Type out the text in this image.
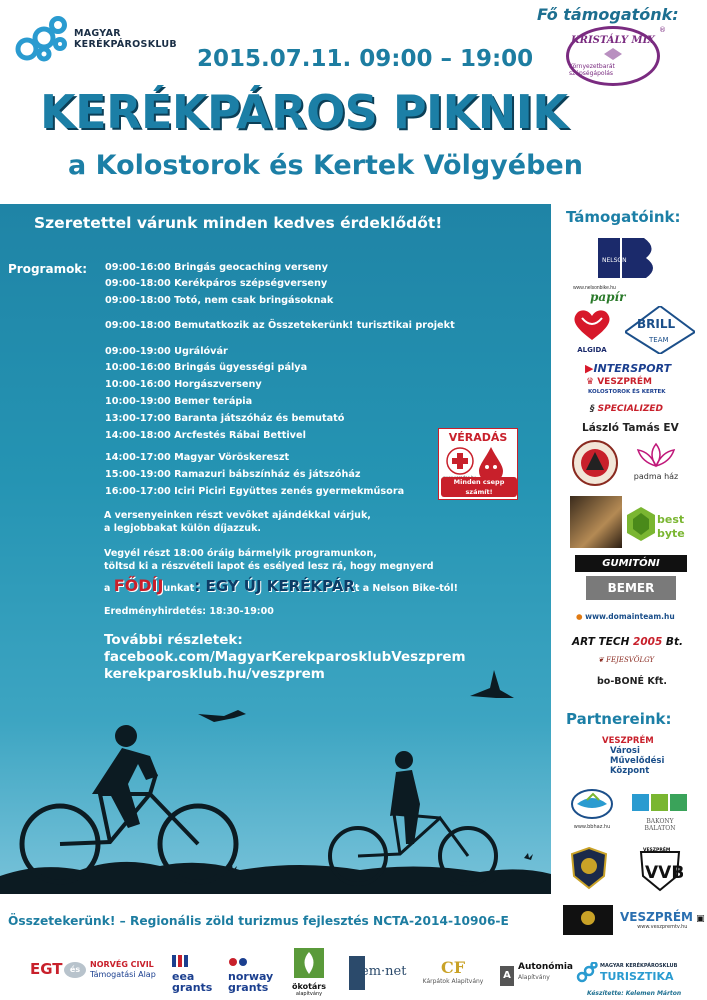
MAGYAR
KERÉKPÁROSKLUB
Fő támogatónk:
KRISTÁLY MIX
Környezetbarát szépségápolás
®
2015.07.11. 09:00 – 19:00
KERÉKPÁROS PIKNIK
a Kolostorok és Kertek Völgyében
Szeretettel várunk minden kedves érdeklődőt!
Programok: 09:00-16:00 Bringás geocaching verseny
09:00-18:00 Kerékpáros szépségverseny
09:00-18:00 Totó, nem csak bringásoknak
09:00-18:00 Bemutatkozik az Összetekerünk! turisztikai projekt
09:00-19:00 Ugrálóvár
10:00-16:00 Bringás ügyességi pálya
10:00-16:00 Horgászverseny
10:00-19:00 Bemer terápia
13:00-17:00 Baranta játszóház és bemutató
14:00-18:00 Arcfestés Rábai Bettivel
14:00-17:00 Magyar Vöröskereszt
15:00-19:00 Ramazuri bábszínház és játszóház
16:00-17:00 Iciri Piciri Együttes zenés gyermekműsora
VÉRADÁS
Minden csepp számít!
A versenyeinken részt vevőket ajándékkal várjuk,
a legjobbakat külön díjazzuk.
Vegyél részt 18:00 óráig bármelyik programunkon,
töltsd ki a részvételi lapot és esélyed lesz rá, hogy megnyerd
a FŐDÍJunkat: EGY ÚJ KERÉKPÁRt a Nelson Bike-tól!
Eredményhirdetés: 18:30-19:00
További részletek:
facebook.com/MagyarKerekparosklubVeszprem
kerekparosklub.hu/veszprem
Támogatóink:
NELSON
www.nelsonbike.hu
papír
ALGIDA
BRILL
TEAM
▶INTERSPORT
♛ VESZPRÉM
KOLOSTOROK ÉS KERTEK
§ SPECIALIZED
László Tamás EV
padma ház
best
byte
GUMITÓNI
BEMER
● www.domainteam.hu
ART TECH 2005 Bt.
❦ FEJESVÖLGY
bo-BONÉ Kft.
Partnereink:
VESZPRÉM
Városi
Művelődési
Központ
www.bbhaz.hu
BAKONY
BALATON
VVB
VESZPRÉM
VESZPRÉM ▣
www.veszpremtv.hu
Összetekerünk! – Regionális zöld turizmus fejlesztés NCTA-2014-10906-E
EGT és
NORVÉG CIVIL
Támogatási Alap eea
grants
norway
grants	ökotárs
alapítvány
em·net	CF
Kárpátok Alapítvány
A
Autonómia
Alapítvány
MAGYAR KERÉKPÁROSKLUB
TURISZTIKA
Készítette: Kelemen Márton
